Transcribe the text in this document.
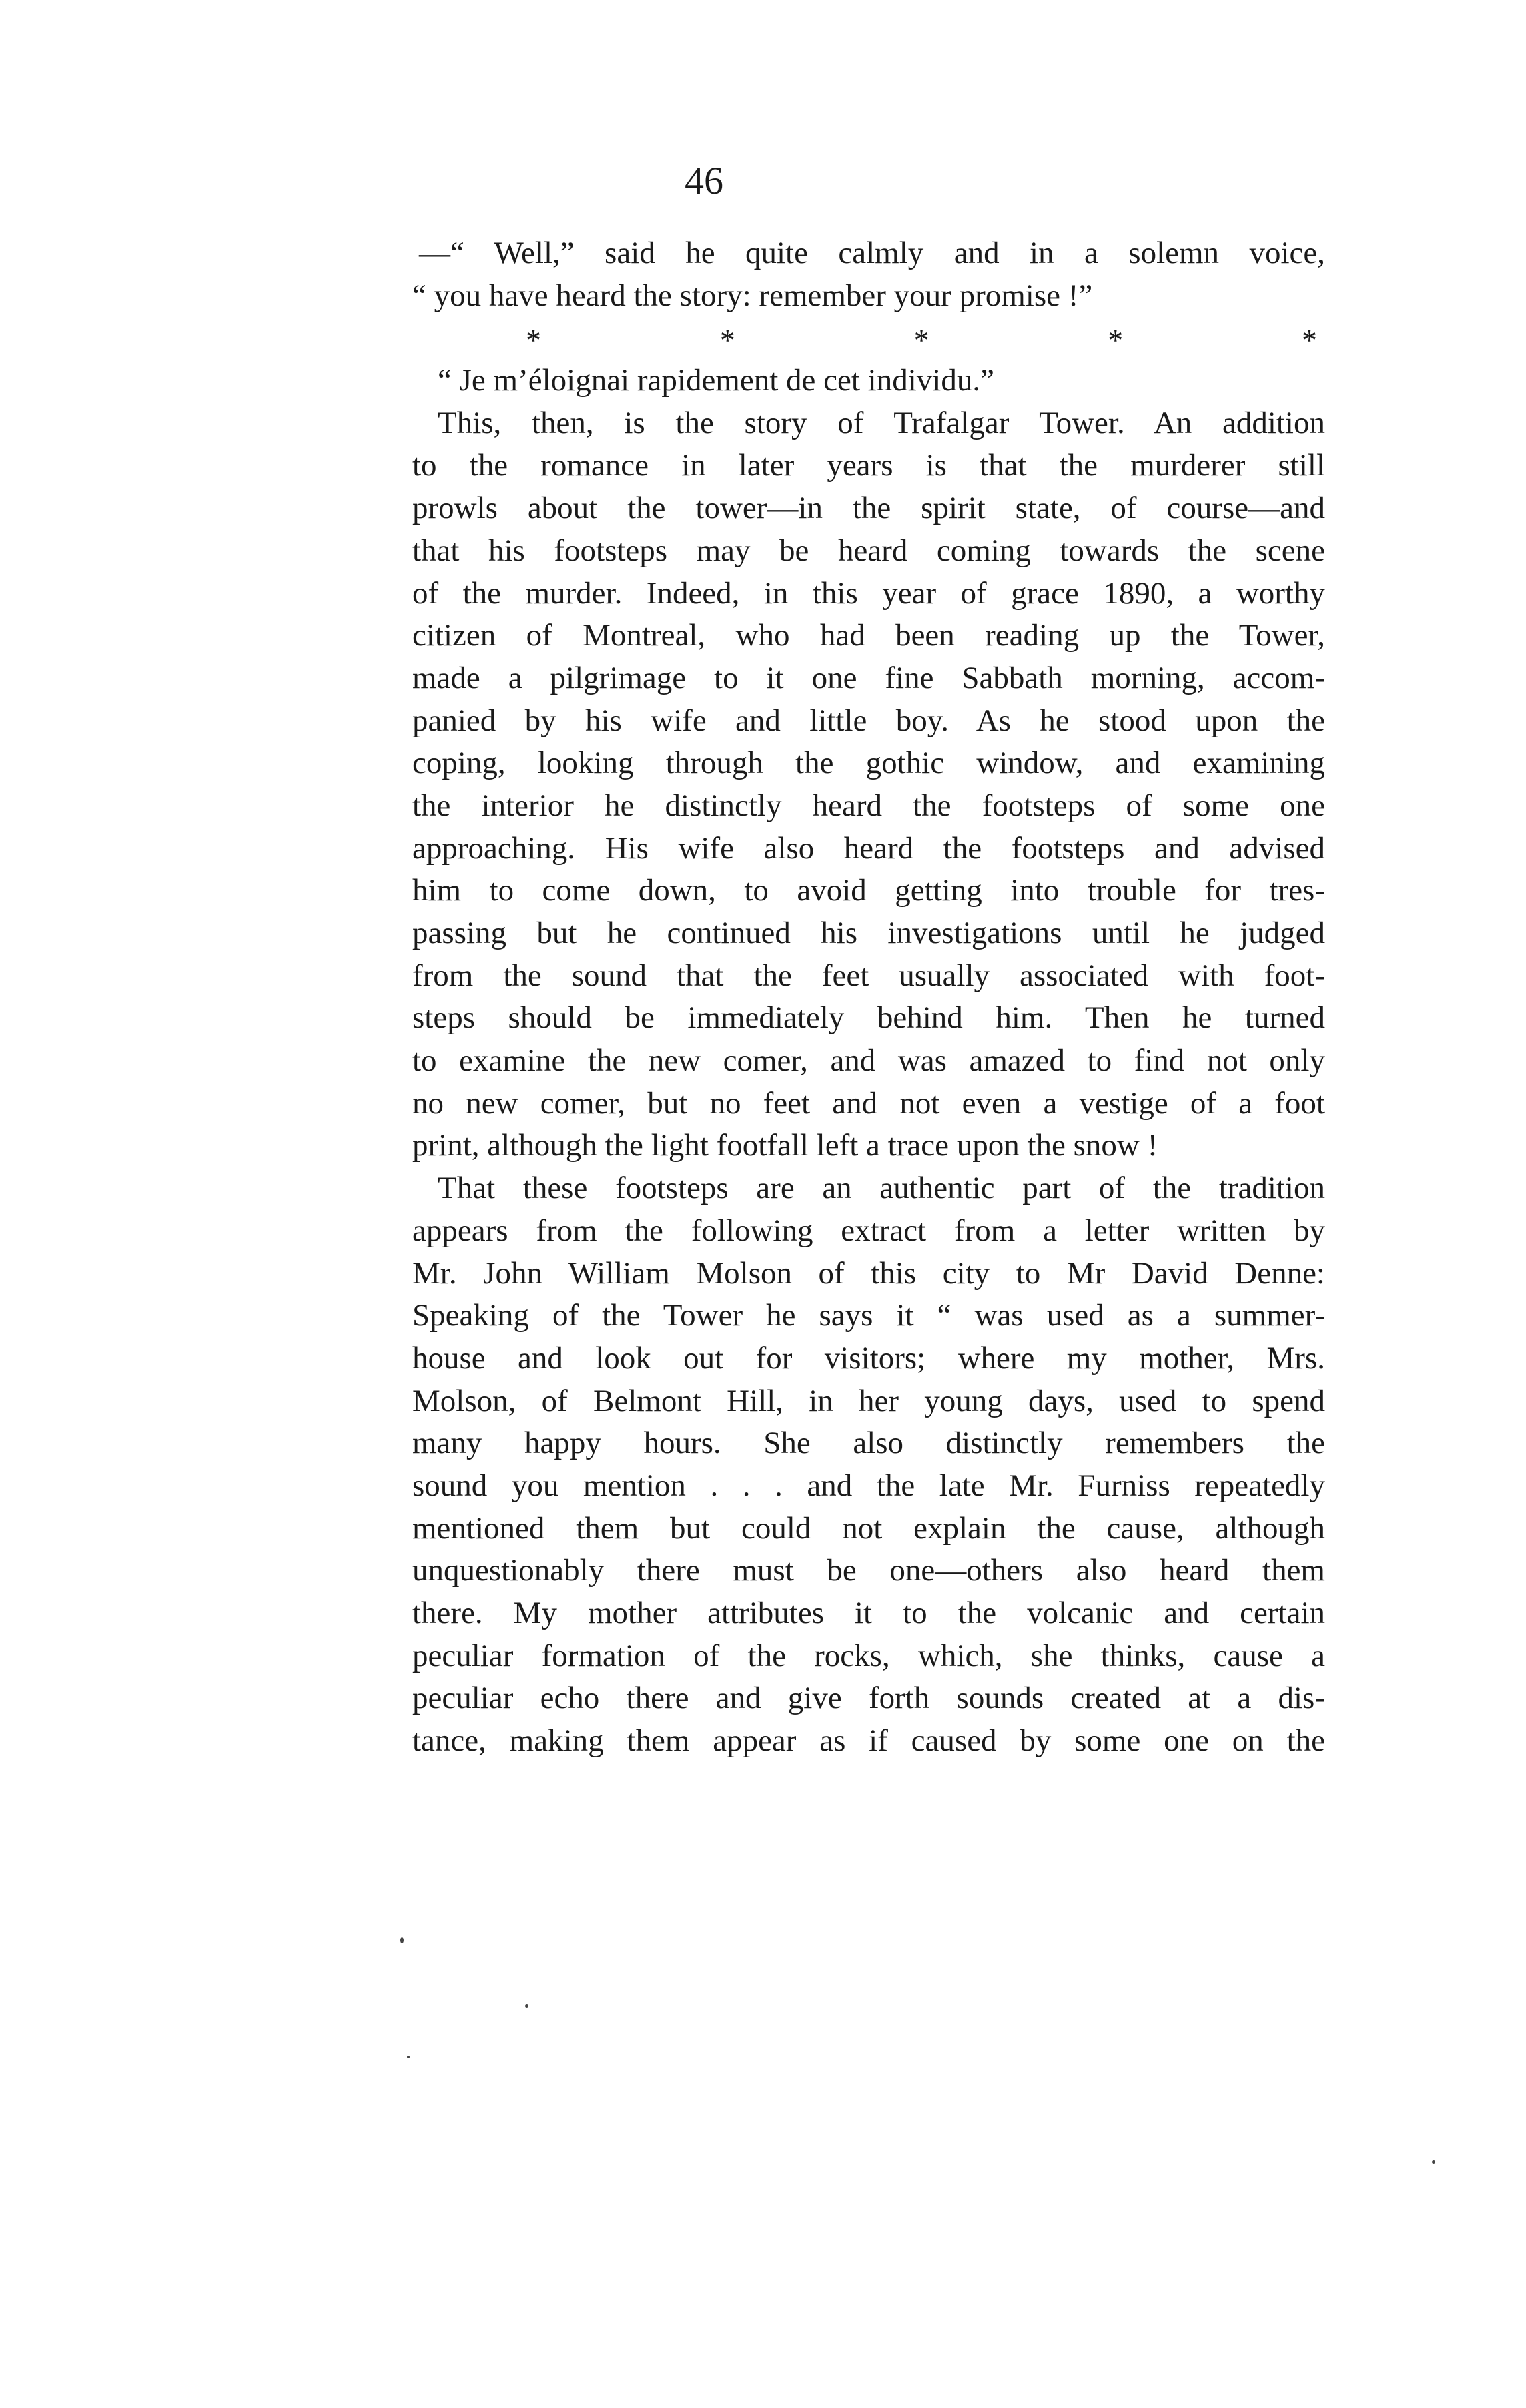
46
—“ Well,” said he quite calmly and in a solemn voice,
“ you have heard the story: remember your promise !”
*	*	*	*	*
“ Je m’éloignai rapidement de cet individu.”
This, then, is the story of Trafalgar Tower. An addition
to the romance in later years is that the murderer still
prowls about the tower—in the spirit state, of course—and
that his footsteps may be heard coming towards the scene
of the murder. Indeed, in this year of grace 1890, a worthy
citizen of Montreal, who had been reading up the Tower,
made a pilgrimage to it one fine Sabbath morning, accom-
panied by his wife and little boy. As he stood upon the
coping, looking through the gothic window, and examining
the interior he distinctly heard the footsteps of some one
approaching. His wife also heard the footsteps and advised
him to come down, to avoid getting into trouble for tres-
passing but he continued his investigations until he judged
from the sound that the feet usually associated with foot-
steps should be immediately behind him. Then he turned
to examine the new comer, and was amazed to find not only
no new comer, but no feet and not even a vestige of a foot
print, although the light footfall left a trace upon the snow !
That these footsteps are an authentic part of the tradition
appears from the following extract from a letter written by
Mr. John William Molson of this city to Mr David Denne:
Speaking of the Tower he says it “ was used as a summer-
house and look out for visitors; where my mother, Mrs.
Molson, of Belmont Hill, in her young days, used to spend
many happy hours. She also distinctly remembers the
sound you mention . . . and the late Mr. Furniss repeatedly
mentioned them but could not explain the cause, although
unquestionably there must be one—others also heard them
there. My mother attributes it to the volcanic and certain
peculiar formation of the rocks, which, she thinks, cause a
peculiar echo there and give forth sounds created at a dis-
tance, making them appear as if caused by some one on the
